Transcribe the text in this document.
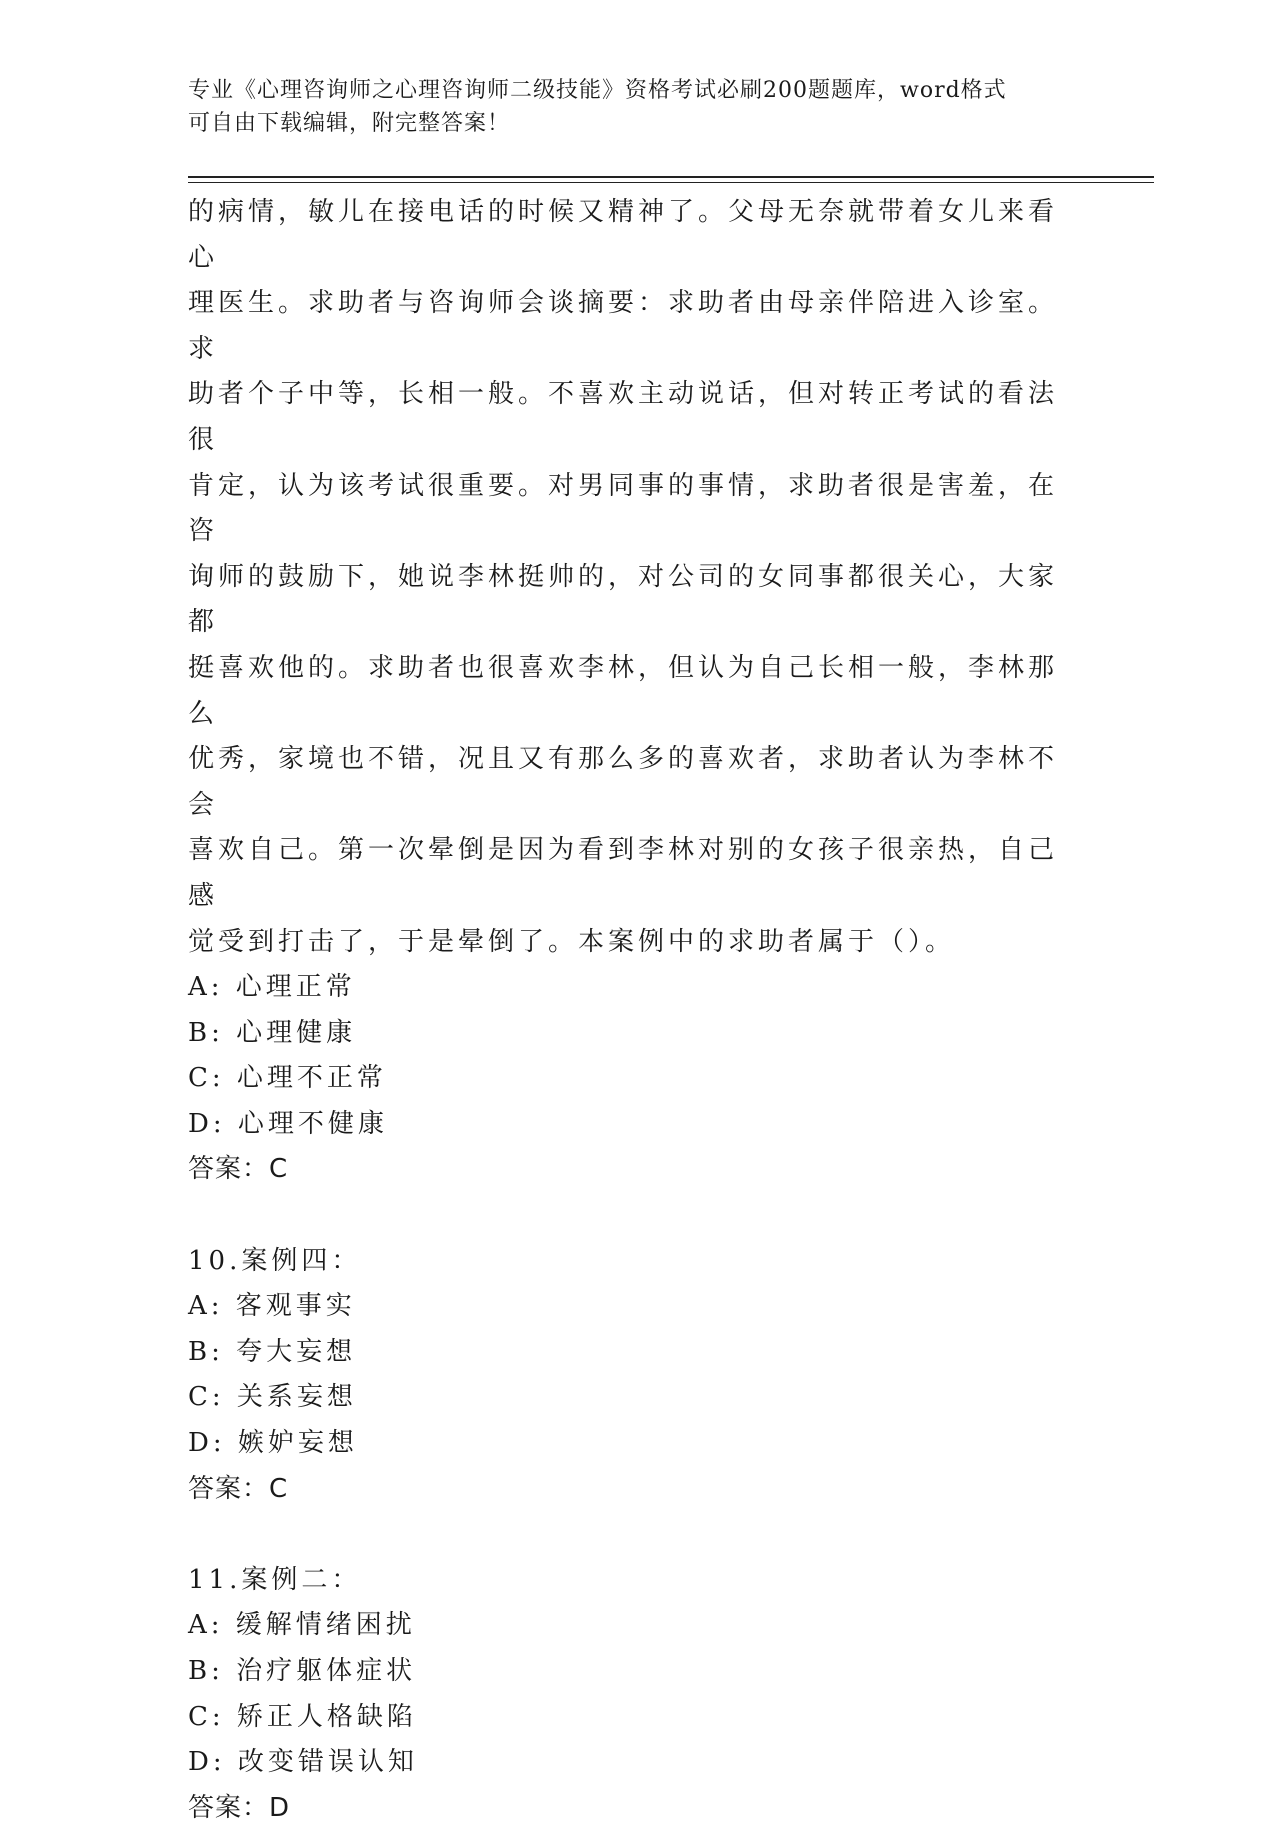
专业《心理咨询师之心理咨询师二级技能》资格考试必刷200题题库，word格式
可自由下载编辑，附完整答案！

的病情，敏儿在接电话的时候又精神了。父母无奈就带着女儿来看心

理医生。求助者与咨询师会谈摘要：求助者由母亲伴陪进入诊室。求

助者个子中等，长相一般。不喜欢主动说话，但对转正考试的看法很

肯定，认为该考试很重要。对男同事的事情，求助者很是害羞，在咨

询师的鼓励下，她说李林挺帅的，对公司的女同事都很关心，大家都

挺喜欢他的。求助者也很喜欢李林，但认为自己长相一般，李林那么

优秀，家境也不错，况且又有那么多的喜欢者，求助者认为李林不会

喜欢自己。第一次晕倒是因为看到李林对别的女孩子很亲热，自己感

觉受到打击了，于是晕倒了。本案例中的求助者属于（）。

A: 心理正常

B: 心理健康

C: 心理不正常

D: 心理不健康

答案：C

10.案例四：

A: 客观事实

B: 夸大妄想

C: 关系妄想

D: 嫉妒妄想

答案：C

11.案例二：

A: 缓解情绪困扰

B: 治疗躯体症状

C: 矫正人格缺陷

D: 改变错误认知

答案：D
